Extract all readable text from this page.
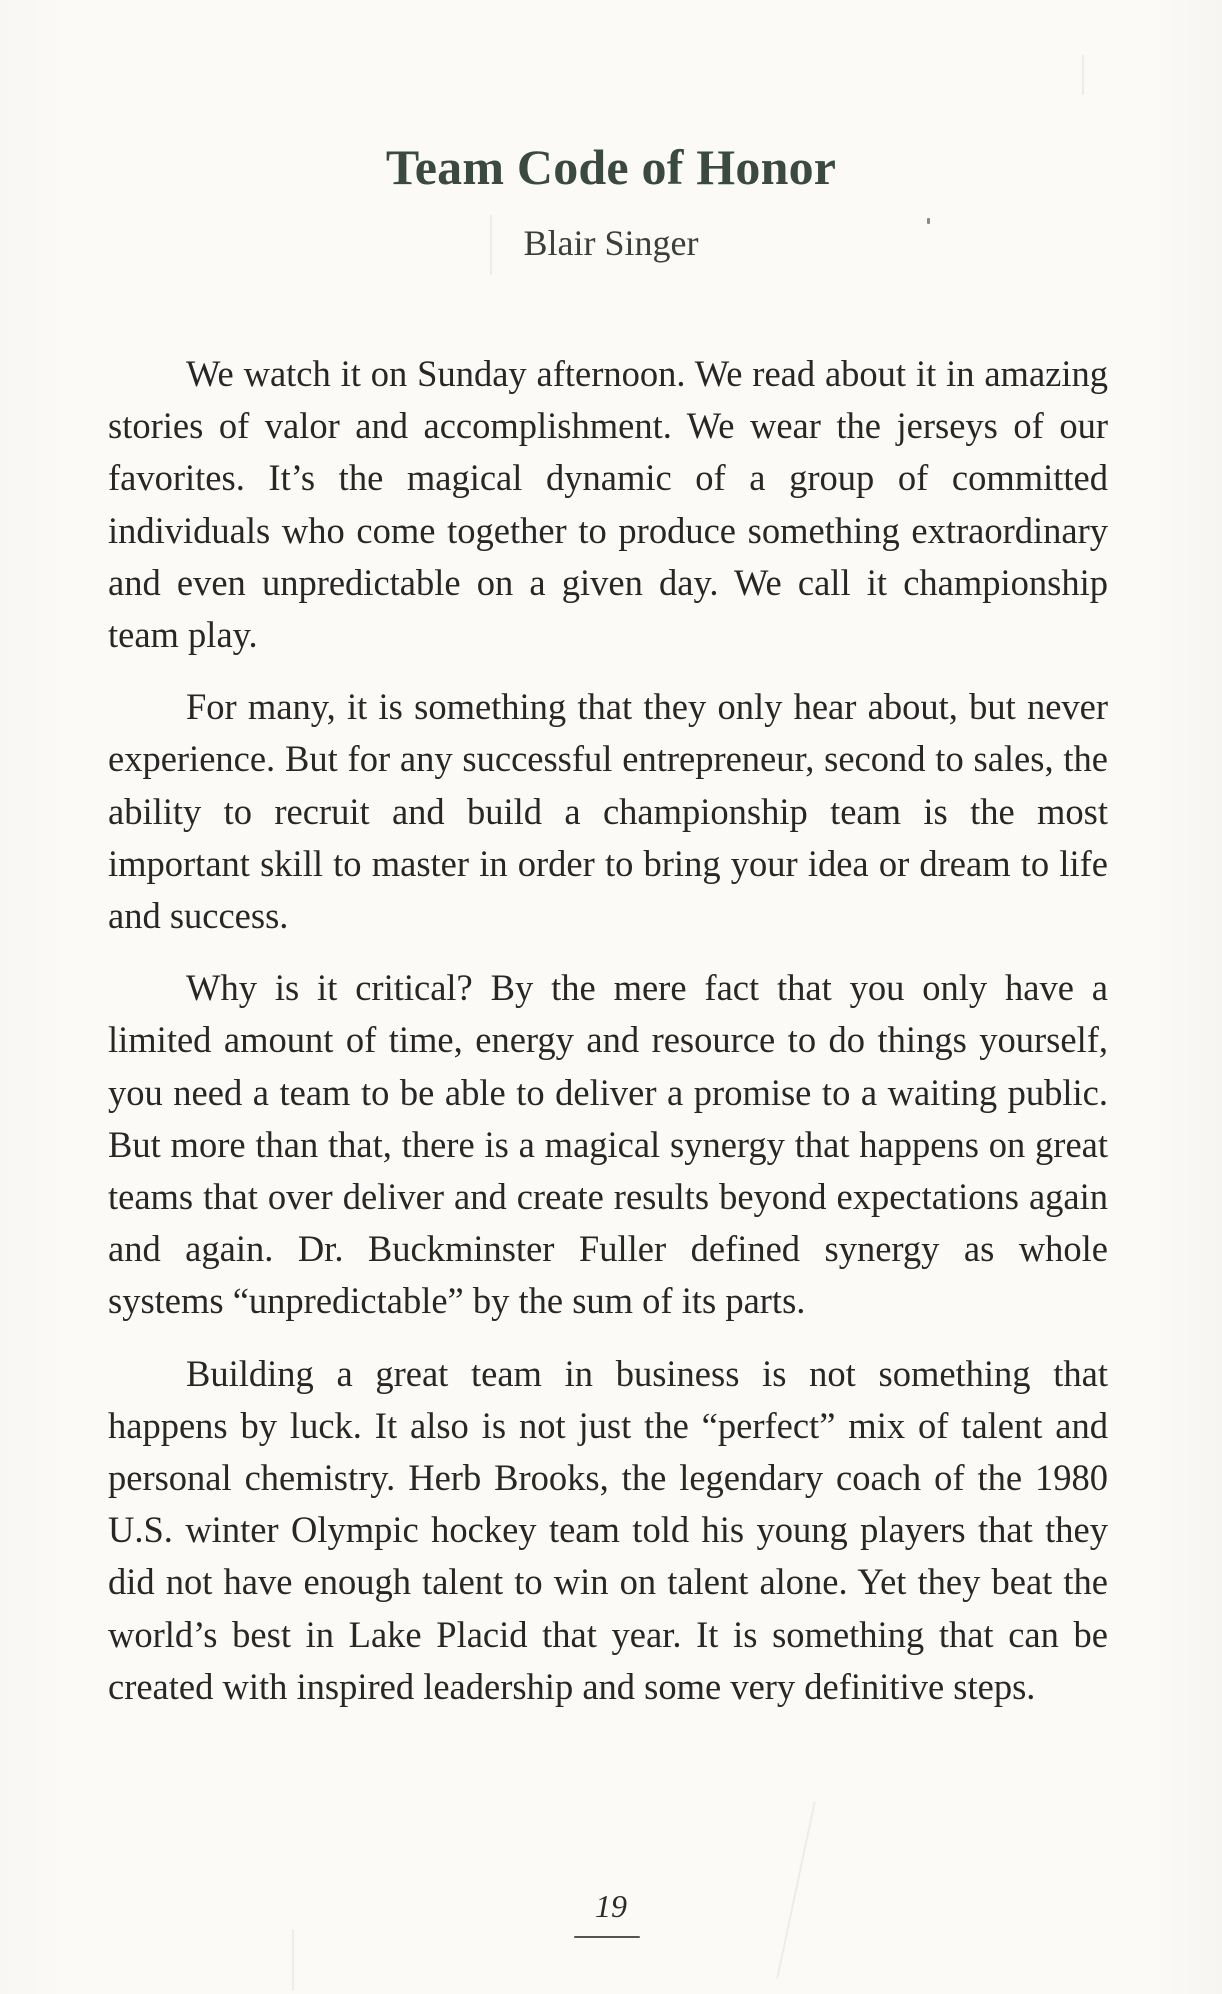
Team Code of Honor
Blair Singer

We watch it on Sunday afternoon. We read about it in amazing stories of valor and accomplishment. We wear the jerseys of our favorites. It’s the magical dynamic of a group of committed individuals who come together to produce something extraordinary and even unpredictable on a given day. We call it championship team play.

For many, it is something that they only hear about, but never experience. But for any successful entrepreneur, second to sales, the ability to recruit and build a championship team is the most important skill to master in order to bring your idea or dream to life and success.

Why is it critical? By the mere fact that you only have a limited amount of time, energy and resource to do things yourself, you need a team to be able to deliver a promise to a waiting public. But more than that, there is a magical synergy that happens on great teams that over deliver and create results beyond expectations again and again. Dr. Buckminster Fuller defined synergy as whole systems “unpredictable” by the sum of its parts.

Building a great team in business is not something that happens by luck. It also is not just the “perfect” mix of talent and personal chemistry. Herb Brooks, the legendary coach of the 1980 U.S. winter Olympic hockey team told his young players that they did not have enough talent to win on talent alone. Yet they beat the world’s best in Lake Placid that year. It is something that can be created with inspired leadership and some very definitive steps.

19
